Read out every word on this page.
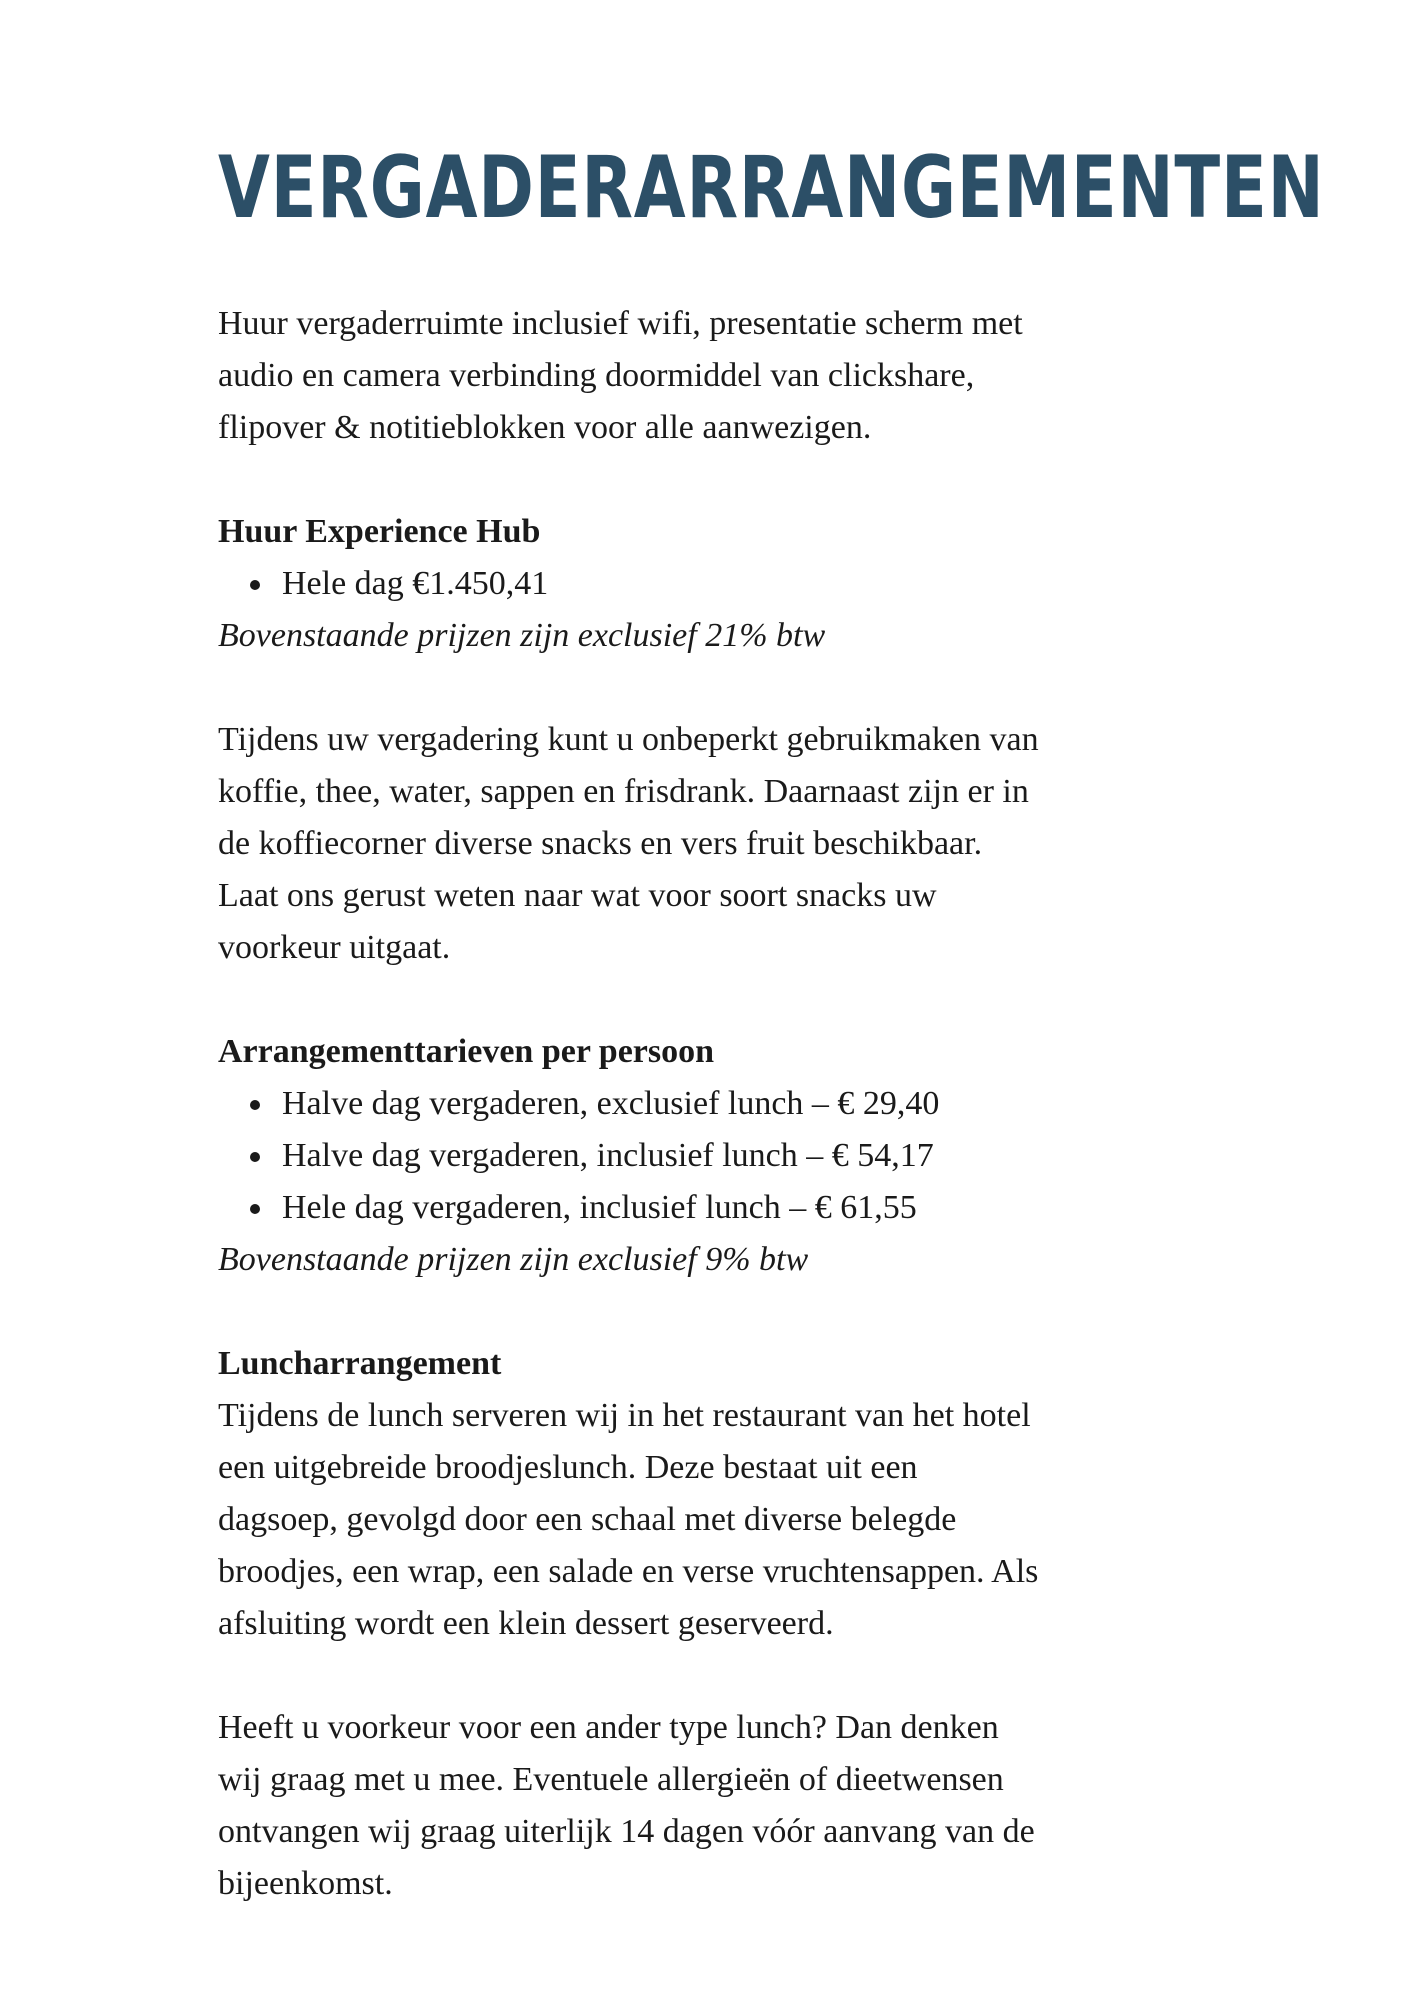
VERGADERARRANGEMENTEN

Huur vergaderruimte inclusief wifi, presentatie scherm met

audio en camera verbinding doormiddel van clickshare,

flipover & notitieblokken voor alle aanwezigen.

Huur Experience Hub

Hele dag €1.450,41

Bovenstaande prijzen zijn exclusief 21% btw

Tijdens uw vergadering kunt u onbeperkt gebruikmaken van

koffie, thee, water, sappen en frisdrank. Daarnaast zijn er in

de koffiecorner diverse snacks en vers fruit beschikbaar.

Laat ons gerust weten naar wat voor soort snacks uw

voorkeur uitgaat.

Arrangementtarieven per persoon

Halve dag vergaderen, exclusief lunch – € 29,40
Halve dag vergaderen, inclusief lunch – € 54,17
Hele dag vergaderen, inclusief lunch – € 61,55

Bovenstaande prijzen zijn exclusief 9% btw

Luncharrangement

Tijdens de lunch serveren wij in het restaurant van het hotel

een uitgebreide broodjeslunch. Deze bestaat uit een

dagsoep, gevolgd door een schaal met diverse belegde

broodjes, een wrap, een salade en verse vruchtensappen. Als

afsluiting wordt een klein dessert geserveerd.

Heeft u voorkeur voor een ander type lunch? Dan denken

wij graag met u mee. Eventuele allergieën of dieetwensen

ontvangen wij graag uiterlijk 14 dagen vóór aanvang van de

bijeenkomst.
